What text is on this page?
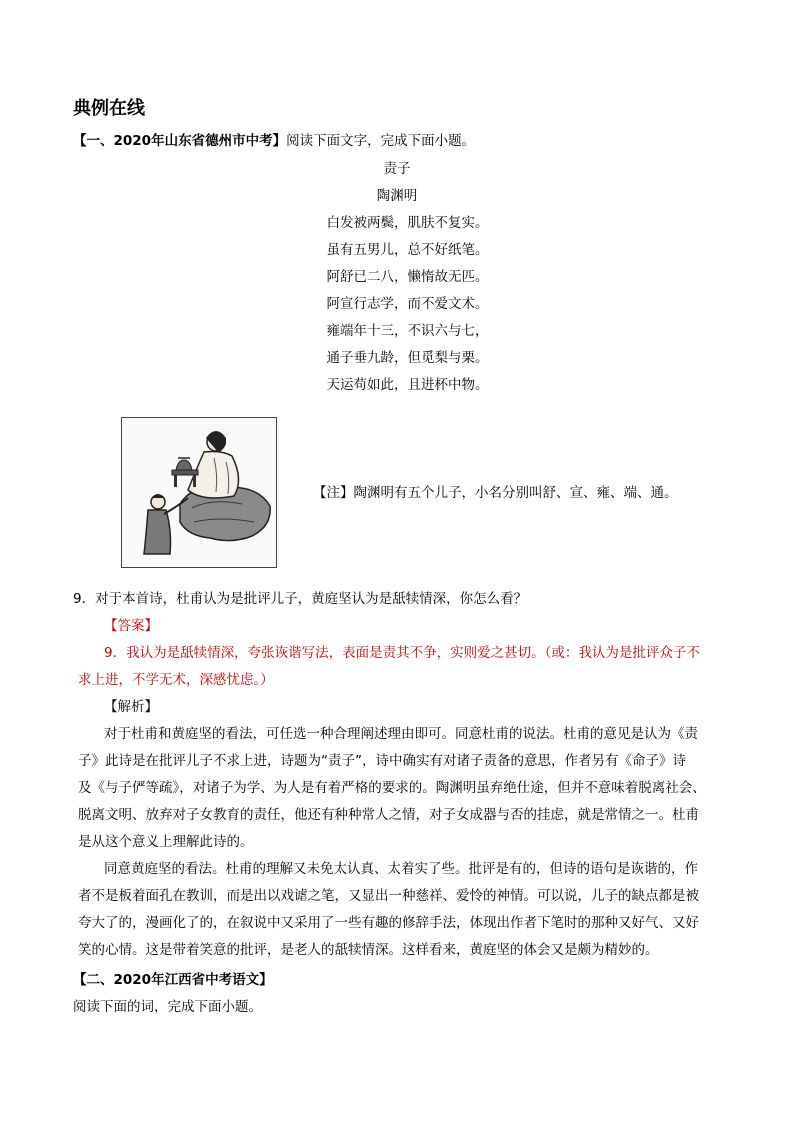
典例在线
【一、2020年山东省德州市中考】阅读下面文字，完成下面小题。
责子
陶渊明
白发被两鬓，肌肤不复实。
虽有五男儿，总不好纸笔。
阿舒已二八，懒惰故无匹。
阿宣行志学，而不爱文术。
雍端年十三，不识六与七，
通子垂九龄，但觅梨与栗。
天运苟如此，且进杯中物。
【注】陶渊明有五个儿子，小名分别叫舒、宣、雍、端、通。
9．对于本首诗，杜甫认为是批评儿子，黄庭坚认为是舐犊情深，你怎么看？
【答案】
9．我认为是舐犊情深，夸张诙谐写法，表面是责其不争，实则爱之甚切。（或：我认为是批评众子不
求上进，不学无术，深感忧虑。）
【解析】
对于杜甫和黄庭坚的看法，可任选一种合理阐述理由即可。同意杜甫的说法。杜甫的意见是认为《责
子》此诗是在批评儿子不求上进，诗题为“责子”，诗中确实有对诸子责备的意思，作者另有《命子》诗
及《与子俨等疏》，对诸子为学、为人是有着严格的要求的。陶渊明虽弃绝仕途，但并不意味着脱离社会、
脱离文明、放弃对子女教育的责任，他还有种种常人之情，对子女成器与否的挂虑，就是常情之一。杜甫
是从这个意义上理解此诗的。
同意黄庭坚的看法。杜甫的理解又未免太认真、太着实了些。批评是有的，但诗的语句是诙谐的，作
者不是板着面孔在教训，而是出以戏谑之笔，又显出一种慈祥、爱怜的神情。可以说，儿子的缺点都是被
夸大了的，漫画化了的，在叙说中又采用了一些有趣的修辞手法，体现出作者下笔时的那种又好气、又好
笑的心情。这是带着笑意的批评，是老人的舐犊情深。这样看来，黄庭坚的体会又是颇为精妙的。
【二、2020年江西省中考语文】
阅读下面的词，完成下面小题。
